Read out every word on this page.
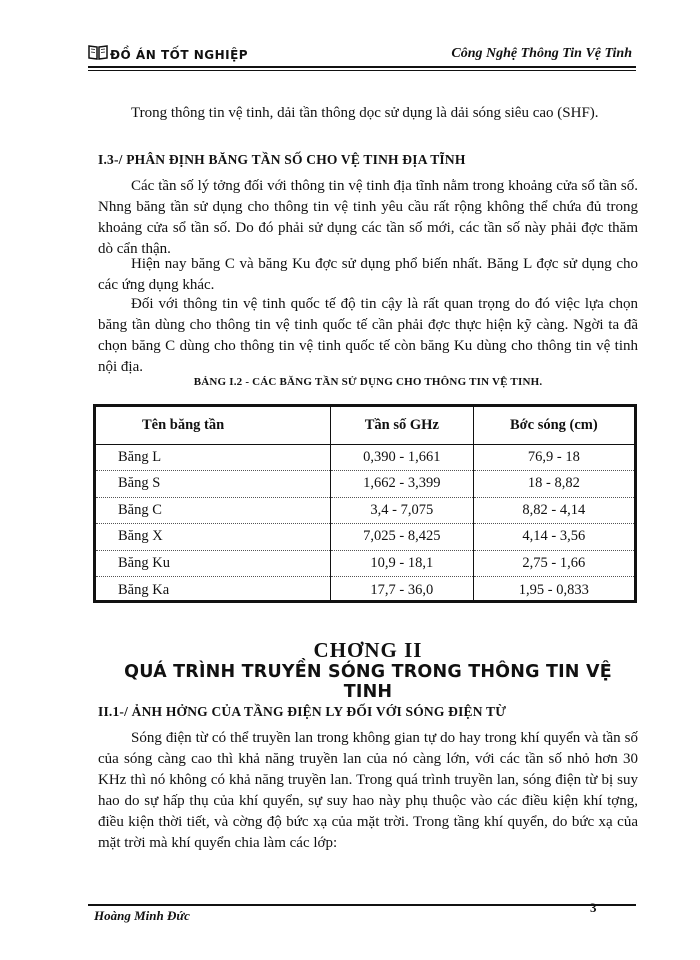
ĐỒ ÁN TỐT NGHIỆP	Công Nghệ Thông Tin Vệ Tinh

Trong thông tin vệ tinh, dải tần thông dọc sử dụng là dải sóng siêu cao (SHF).

I.3-/ PHÂN ĐỊNH BĂNG TẦN SỐ CHO VỆ TINH ĐỊA TĨNH

Các tần số lý tởng đối với thông tin vệ tinh địa tĩnh nằm trong khoảng cửa sổ tần số. Nhng băng tần sử dụng cho thông tin vệ tinh yêu cầu rất rộng không thể chứa đủ trong khoảng cửa sổ tần số. Do đó phải sử dụng các tần số mới, các tần số này phải đợc thăm dò cẩn thận.

Hiện nay băng C và băng Ku đợc sử dụng phổ biến nhất. Băng L đợc sử dụng cho các ứng dụng khác.

Đối với thông tin vệ tinh quốc tế độ tin cậy là rất quan trọng do đó việc lựa chọn băng tần dùng cho thông tin vệ tinh quốc tế cần phải đợc thực hiện kỹ càng. Ngời ta đã chọn băng C dùng cho thông tin vệ tinh quốc tế còn băng Ku dùng cho thông tin vệ tinh nội địa.

BẢNG I.2 - CÁC BĂNG TẦN SỬ DỤNG CHO THÔNG TIN VỆ TINH.
Tên băng tần	Tần số GHz	Bớc sóng (cm)
Băng L	0,390 - 1,661	76,9 - 18
Băng S	1,662 - 3,399	18 - 8,82
Băng C	3,4 - 7,075	8,82 - 4,14
Băng X	7,025 - 8,425	4,14 - 3,56
Băng Ku	10,9 - 18,1	2,75 - 1,66
Băng Ka	17,7 - 36,0	1,95 - 0,833
CHƠNG II
QUÁ TRÌNH TRUYỀN SÓNG TRONG THÔNG TIN VỆ TINH
II.1-/ ẢNH HỞNG CỦA TẦNG ĐIỆN LY ĐỐI VỚI SÓNG ĐIỆN TỪ

Sóng điện từ có thể truyền lan trong không gian tự do hay trong khí quyển và tần số của sóng càng cao thì khả năng truyền lan của nó càng lớn, với các tần số nhỏ hơn 30 KHz thì nó không có khả năng truyền lan. Trong quá trình truyền lan, sóng điện từ bị suy hao do sự hấp thụ của khí quyển, sự suy hao này phụ thuộc vào các điều kiện khí tợng, điều kiện thời tiết, và cờng độ bức xạ của mặt trời. Trong tầng khí quyển, do bức xạ của mặt trời mà khí quyển chia làm các lớp:

Hoàng Minh Đức
3
